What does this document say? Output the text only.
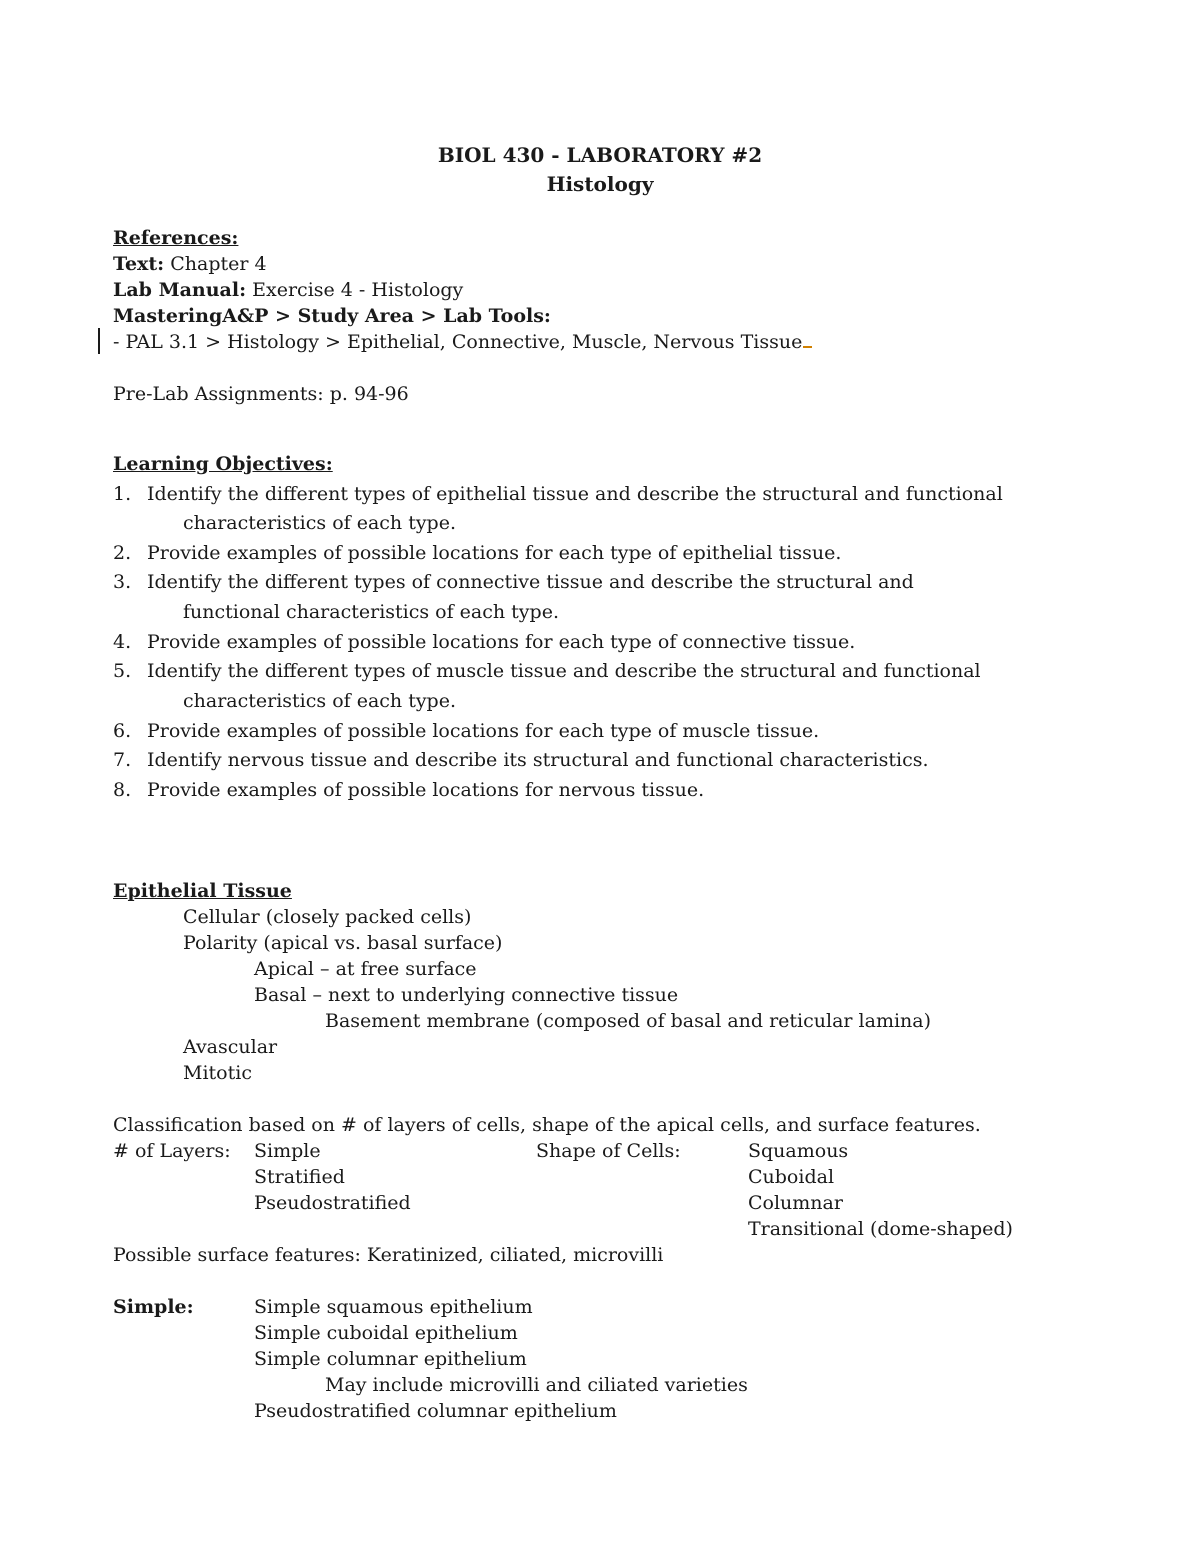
BIOL 430 - LABORATORY #2
Histology
References:
Text: Chapter 4
Lab Manual: Exercise 4 - Histology
MasteringA&P > Study Area > Lab Tools:
- PAL 3.1 > Histology > Epithelial, Connective, Muscle, Nervous Tissue
Pre-Lab Assignments: p. 94-96
Learning Objectives:
1. Identify the different types of epithelial tissue and describe the structural and functional
characteristics of each type.
2. Provide examples of possible locations for each type of epithelial tissue.
3. Identify the different types of connective tissue and describe the structural and
functional characteristics of each type.
4. Provide examples of possible locations for each type of connective tissue.
5. Identify the different types of muscle tissue and describe the structural and functional
characteristics of each type.
6. Provide examples of possible locations for each type of muscle tissue.
7. Identify nervous tissue and describe its structural and functional characteristics.
8. Provide examples of possible locations for nervous tissue.
Epithelial Tissue
Cellular (closely packed cells)
Polarity (apical vs. basal surface)
Apical – at free surface
Basal – next to underlying connective tissue
Basement membrane (composed of basal and reticular lamina)
Avascular
Mitotic
Classification based on # of layers of cells, shape of the apical cells, and surface features.
# of Layers: Simple
Stratified
Pseudostratified
Shape of Cells:	Squamous
Cuboidal
Columnar
Transitional (dome-shaped)
Possible surface features: Keratinized, ciliated, microvilli
Simple:	Simple squamous epithelium
Simple cuboidal epithelium
Simple columnar epithelium
May include microvilli and ciliated varieties
Pseudostratified columnar epithelium
